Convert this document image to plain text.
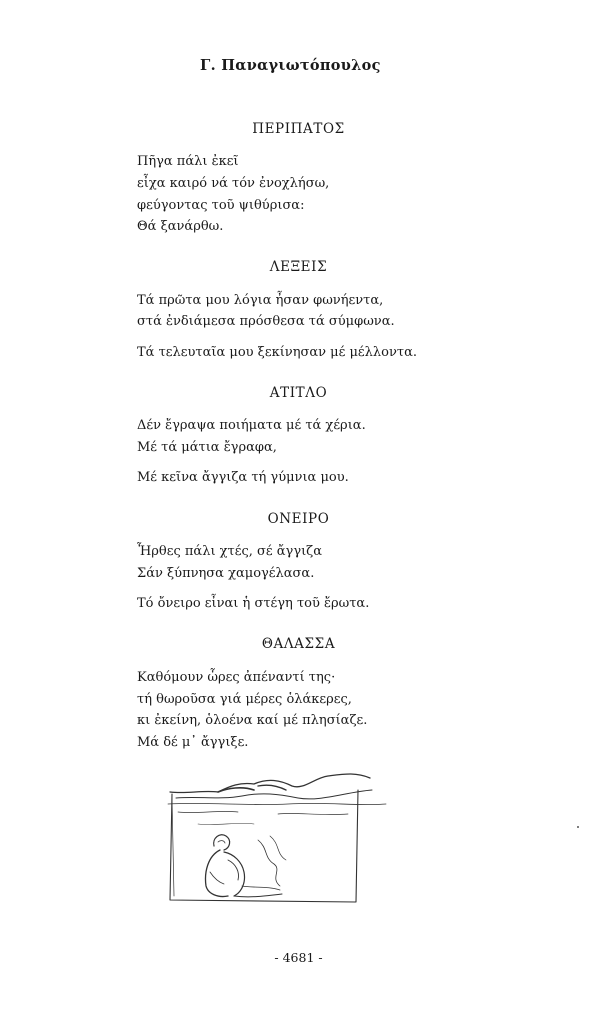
Γ. Παναγιωτόπουλος
ΠΕΡΙΠΑΤΟΣ
Πῆγα πάλι ἐκεῖ
εἶχα καιρό νά τόν ἐνοχλήσω,
φεύγοντας τοῦ ψιθύρισα:
Θά ξανάρθω.
ΛΕΞΕΙΣ
Τά πρῶτα μου λόγια ἦσαν φωνήεντα,
στά ἐνδιάμεσα πρόσθεσα τά σύμφωνα.
Τά τελευταῖα μου ξεκίνησαν μέ μέλλοντα.
ΑΤΙΤΛΟ
Δέν ἔγραψα ποιήματα μέ τά χέρια.
Μέ τά μάτια ἔγραφα,
Μέ κεῖνα ἄγγιζα τή γύμνια μου.
ΟΝΕΙΡΟ
Ἦρθες πάλι χτές, σέ ἄγγιζα
Σάν ξύπνησα χαμογέλασα.
Τό ὄνειρο εἶναι ἡ στέγη τοῦ ἔρωτα.
ΘΑΛΑΣΣΑ
Καθόμουν ὧρες ἀπέναντί της·
τή θωροῦσα γιά μέρες ὁλάκερες,
κι ἐκείνη, ὁλοένα καί μέ πλησίαζε.
Μά δέ μ᾽ ἄγγιξε.
- 4681 -
